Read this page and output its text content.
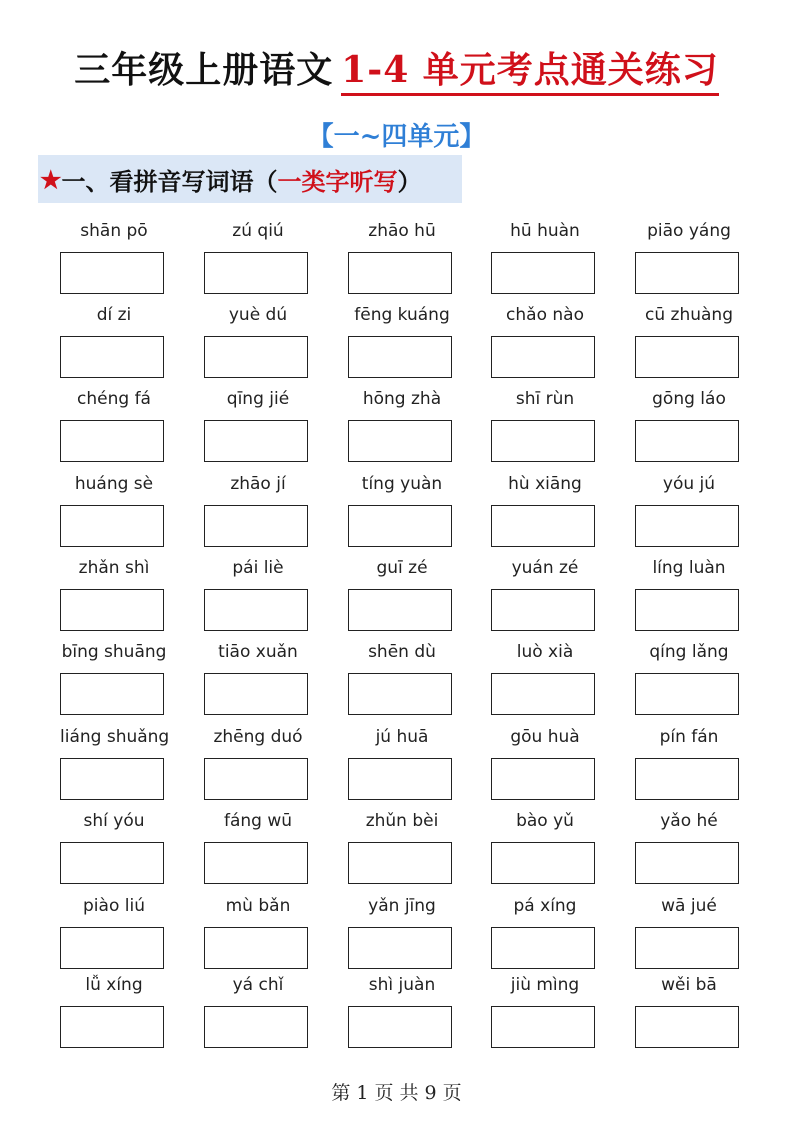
三年级上册语文 1-4 单元考点通关练习
【一~四单元】
★ 一、看拼音写词语（ 一类字听写 ）
shān pō	zú qiú	zhāo hū	hū huàn	piāo yáng
dí zi	yuè dú	fēng kuáng	chǎo nào	cū zhuàng
chéng fá	qīng jié	hōng zhà	shī rùn	gōng láo
huáng sè	zhāo jí	tíng yuàn	hù xiāng	yóu jú
zhǎn shì	pái liè	guī zé	yuán zé	líng luàn
bīng shuāng	tiāo xuǎn	shēn dù	luò xià	qíng lǎng
liáng shuǎng	zhēng duó	jú huā	gōu huà	pín fán
shí yóu	fáng wū	zhǔn bèi	bào yǔ	yǎo hé
piào liú	mù bǎn	yǎn jīng	pá xíng	wā jué
lǚ xíng	yá chǐ	shì juàn	jiù mìng	wěi bā
第 1 页 共 9 页
